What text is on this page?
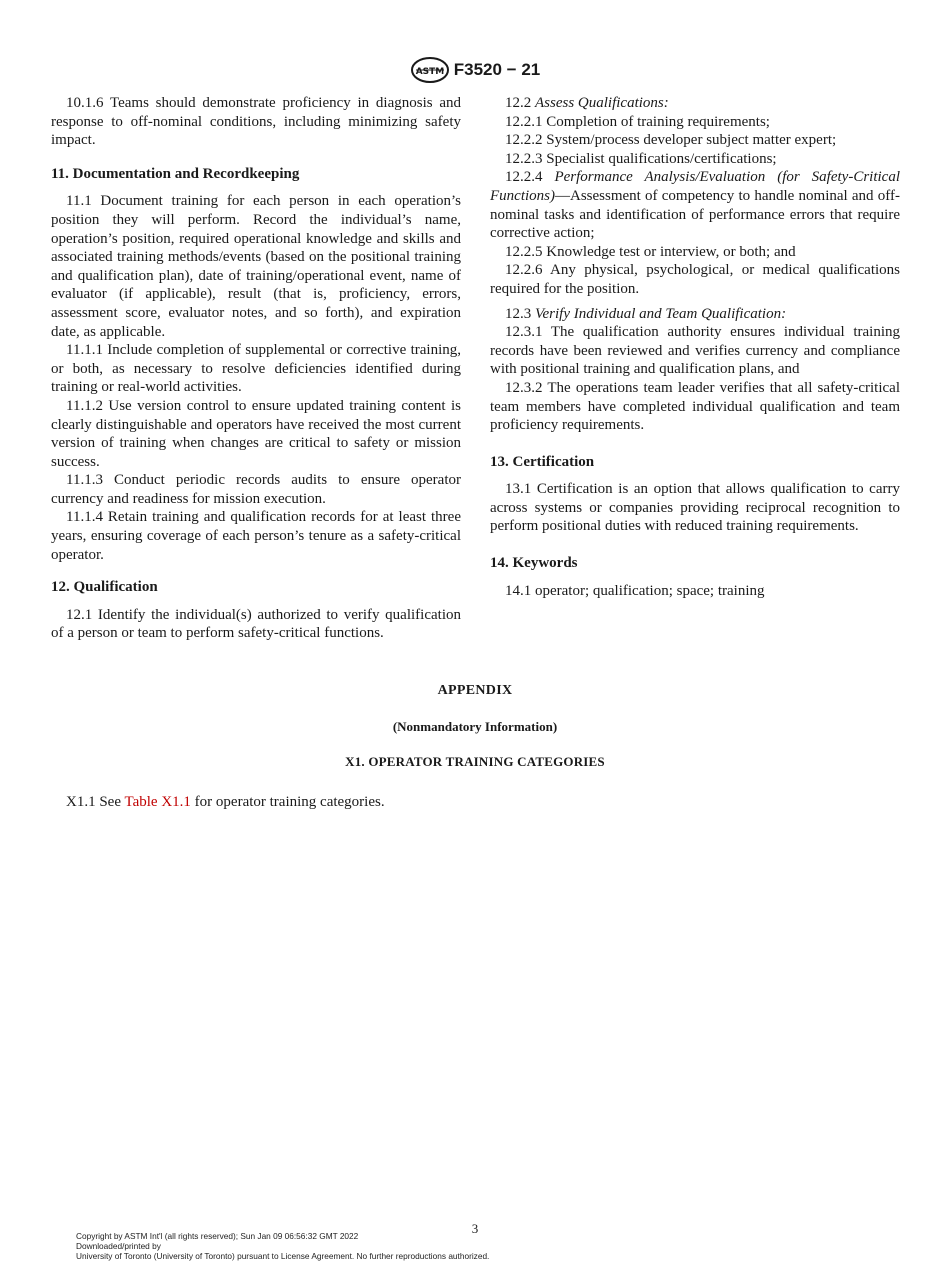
ASTM F3520 − 21

10.1.6 Teams should demonstrate proficiency in diagnosis and response to off-nominal conditions, including minimizing safety impact.

11. Documentation and Recordkeeping

11.1 Document training for each person in each operation’s position they will perform. Record the individual’s name, operation’s position, required operational knowledge and skills and associated training methods/events (based on the positional training and qualification plan), date of training/operational event, name of evaluator (if applicable), result (that is, proficiency, errors, assessment score, evaluator notes, and so forth), and expiration date, as applicable.

11.1.1 Include completion of supplemental or corrective training, or both, as necessary to resolve deficiencies identified during training or real-world activities.

11.1.2 Use version control to ensure updated training content is clearly distinguishable and operators have received the most current version of training when changes are critical to safety or mission success.

11.1.3 Conduct periodic records audits to ensure operator currency and readiness for mission execution.

11.1.4 Retain training and qualification records for at least three years, ensuring coverage of each person’s tenure as a safety-critical operator.

12. Qualification

12.1 Identify the individual(s) authorized to verify qualification of a person or team to perform safety-critical functions.

12.2 Assess Qualifications:

12.2.1 Completion of training requirements;

12.2.2 System/process developer subject matter expert;

12.2.3 Specialist qualifications/certifications;

12.2.4 Performance Analysis/Evaluation (for Safety-Critical Functions)—Assessment of competency to handle nominal and off-nominal tasks and identification of performance errors that require corrective action;

12.2.5 Knowledge test or interview, or both; and

12.2.6 Any physical, psychological, or medical qualifications required for the position.

12.3 Verify Individual and Team Qualification:

12.3.1 The qualification authority ensures individual training records have been reviewed and verifies currency and compliance with positional training and qualification plans, and

12.3.2 The operations team leader verifies that all safety-critical team members have completed individual qualification and team proficiency requirements.

13. Certification

13.1 Certification is an option that allows qualification to carry across systems or companies providing reciprocal recognition to perform positional duties with reduced training requirements.

14. Keywords

14.1 operator; qualification; space; training

APPENDIX
(Nonmandatory Information)
X1. OPERATOR TRAINING CATEGORIES
X1.1 See Table X1.1 for operator training categories.
3
Copyright by ASTM Int'l (all rights reserved); Sun Jan 09 06:56:32 GMT 2022
Downloaded/printed by
University of Toronto (University of Toronto) pursuant to License Agreement. No further reproductions authorized.
